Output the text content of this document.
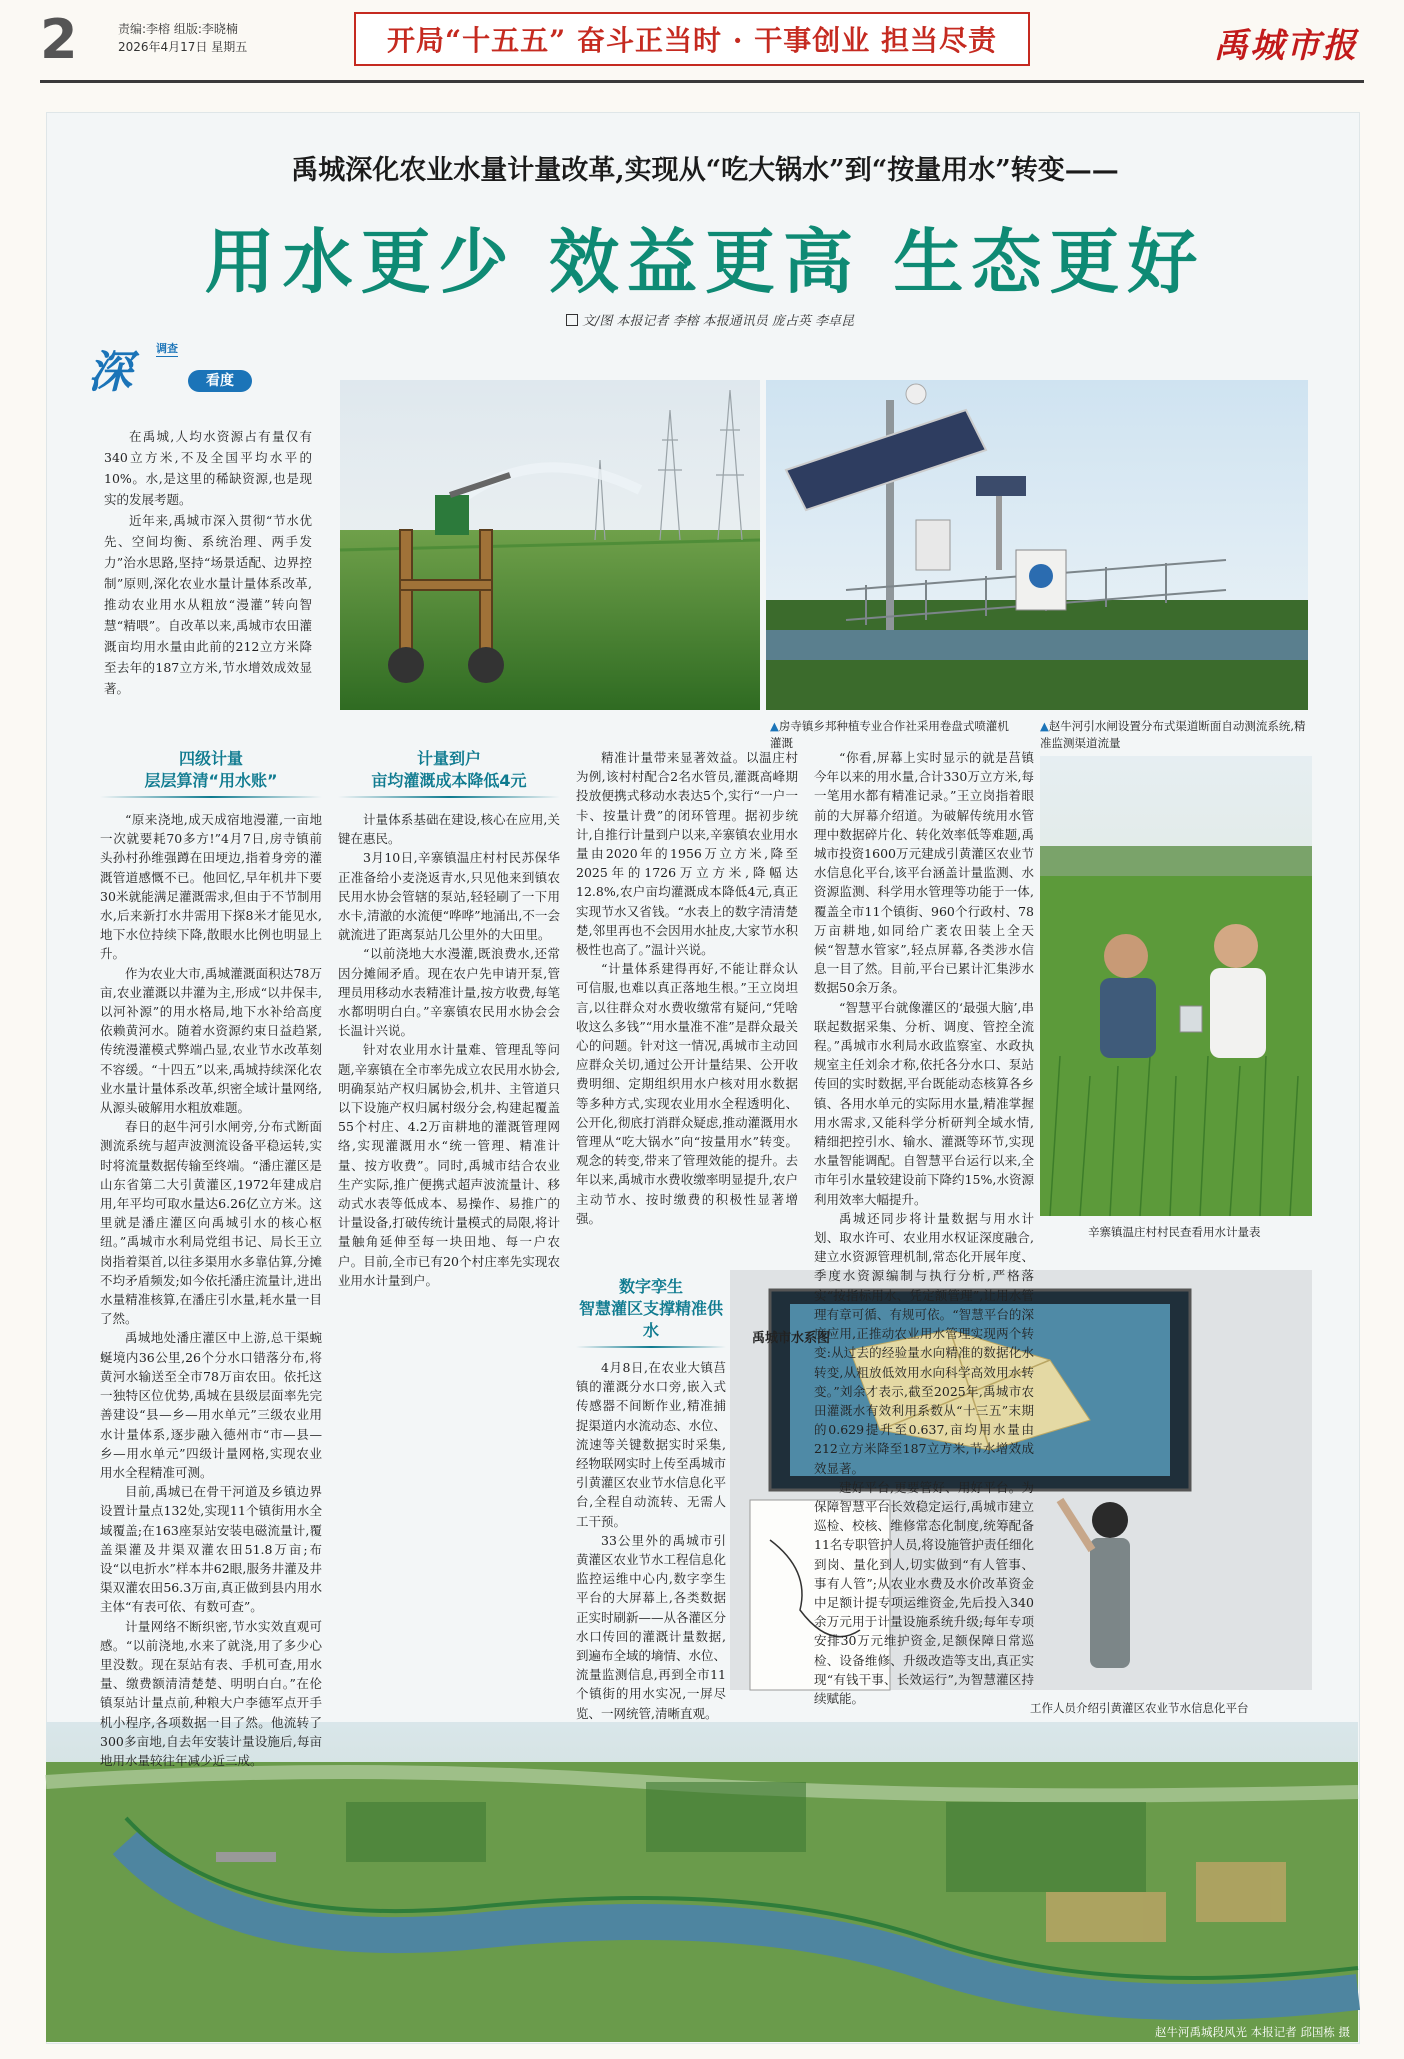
2	责编:李榕 组版:李晓楠
2026年4月17日 星期五	开局“十五五” 奋斗正当时 · 干事创业 担当尽责	禹城市报
禹城深化农业水量计量改革,实现从“吃大锅水”到“按量用水”转变——
用水更少 效益更高 生态更好
文/图 本报记者 李榕 本报通讯员 庞占英 李卓昆
深 调查
看度

在禹城,人均水资源占有量仅有340立方米,不及全国平均水平的10%。水,是这里的稀缺资源,也是现实的发展考题。

近年来,禹城市深入贯彻“节水优先、空间均衡、系统治理、两手发力”治水思路,坚持“场景适配、边界控制”原则,深化农业水量计量体系改革,推动农业用水从粗放“漫灌”转向智慧“精喂”。自改革以来,禹城市农田灌溉亩均用水量由此前的212立方米降至去年的187立方米,节水增效成效显著。

▲房寺镇乡邦种植专业合作社采用卷盘式喷灌机灌溉
▲赵牛河引水闸设置分布式渠道断面自动测流系统,精准监测渠道流量
辛寨镇温庄村村民查看用水计量表
禹城市水系图
工作人员介绍引黄灌区农业节水信息化平台
赵牛河禹城段风光 本报记者 邱国栋 摄
四级计量
层层算清“用水账”

“原来浇地,成天成宿地漫灌,一亩地一次就要耗70多方!”4月7日,房寺镇前头孙村孙维强蹲在田埂边,指着身旁的灌溉管道感慨不已。他回忆,早年机井下要30米就能满足灌溉需求,但由于不节制用水,后来新打水井需用下探8米才能见水,地下水位持续下降,散眼水比例也明显上升。

作为农业大市,禹城灌溉面积达78万亩,农业灌溉以井灌为主,形成“以井保丰,以河补源”的用水格局,地下水补给高度依赖黄河水。随着水资源约束日益趋紧,传统漫灌模式弊端凸显,农业节水改革刻不容缓。“十四五”以来,禹城持续深化农业水量计量体系改革,织密全域计量网络,从源头破解用水粗放难题。

春日的赵牛河引水闸旁,分布式断面测流系统与超声波测流设备平稳运转,实时将流量数据传输至终端。“潘庄灌区是山东省第二大引黄灌区,1972年建成启用,年平均可取水量达6.26亿立方米。这里就是潘庄灌区向禹城引水的核心枢纽。”禹城市水利局党组书记、局长王立岗指着渠首,以往多渠用水多靠估算,分摊不均矛盾频发;如今依托潘庄流量计,进出水量精准核算,在潘庄引水量,耗水量一目了然。

禹城地处潘庄灌区中上游,总干渠蜿蜒境内36公里,26个分水口错落分布,将黄河水输送至全市78万亩农田。依托这一独特区位优势,禹城在县级层面率先完善建设“县—乡—用水单元”三级农业用水计量体系,逐步融入德州市“市—县—乡—用水单元”四级计量网格,实现农业用水全程精准可测。

目前,禹城已在骨干河道及乡镇边界设置计量点132处,实现11个镇街用水全域覆盖;在163座泵站安装电磁流量计,覆盖渠灌及井渠双灌农田51.8万亩;布设“以电折水”样本井62眼,服务井灌及井渠双灌农田56.3万亩,真正做到县内用水主体“有表可依、有数可查”。

计量网络不断织密,节水实效直观可感。“以前浇地,水来了就浇,用了多少心里没数。现在泵站有表、手机可查,用水量、缴费额清清楚楚、明明白白。”在伦镇泵站计量点前,种粮大户李德军点开手机小程序,各项数据一目了然。他流转了300多亩地,自去年安装计量设施后,每亩地用水量较往年减少近三成。

计量到户
亩均灌溉成本降低4元

计量体系基础在建设,核心在应用,关键在惠民。

3月10日,辛寨镇温庄村村民苏保华正准备给小麦浇返青水,只见他来到镇农民用水协会管辖的泵站,轻轻刷了一下用水卡,清澈的水流便“哗哗”地涌出,不一会就流进了距离泵站几公里外的大田里。

“以前浇地大水漫灌,既浪费水,还常因分摊闹矛盾。现在农户先申请开泵,管理员用移动水表精准计量,按方收费,每笔水都明明白白。”辛寨镇农民用水协会会长温计兴说。

针对农业用水计量难、管理乱等问题,辛寨镇在全市率先成立农民用水协会,明确泵站产权归属协会,机井、主管道只以下设施产权归属村级分会,构建起覆盖55个村庄、4.2万亩耕地的灌溉管理网络,实现灌溉用水“统一管理、精准计量、按方收费”。同时,禹城市结合农业生产实际,推广便携式超声波流量计、移动式水表等低成本、易操作、易推广的计量设备,打破传统计量模式的局限,将计量触角延伸至每一块田地、每一户农户。目前,全市已有20个村庄率先实现农业用水计量到户。

精准计量带来显著效益。以温庄村为例,该村村配合2名水管员,灌溉高峰期投放便携式移动水表达5个,实行“一户一卡、按量计费”的闭环管理。据初步统计,自推行计量到户以来,辛寨镇农业用水量由2020年的1956万立方米,降至2025年的1726万立方米,降幅达12.8%,农户亩均灌溉成本降低4元,真正实现节水又省钱。“水表上的数字清清楚楚,邻里再也不会因用水扯皮,大家节水积极性也高了。”温计兴说。

“计量体系建得再好,不能让群众认可信服,也难以真正落地生根。”王立岗坦言,以往群众对水费收缴常有疑问,“凭啥收这么多钱”“用水量准不准”是群众最关心的问题。针对这一情况,禹城市主动回应群众关切,通过公开计量结果、公开收费明细、定期组织用水户核对用水数据等多种方式,实现农业用水全程透明化、公开化,彻底打消群众疑虑,推动灌溉用水管理从“吃大锅水”向“按量用水”转变。观念的转变,带来了管理效能的提升。去年以来,禹城市水费收缴率明显提升,农户主动节水、按时缴费的积极性显著增强。

数字孪生
智慧灌区支撑精准供水

4月8日,在农业大镇莒镇的灌溉分水口旁,嵌入式传感器不间断作业,精准捕捉渠道内水流动态、水位、流速等关键数据实时采集,经物联网实时上传至禹城市引黄灌区农业节水信息化平台,全程自动流转、无需人工干预。

33公里外的禹城市引黄灌区农业节水工程信息化监控运维中心内,数字孪生平台的大屏幕上,各类数据正实时刷新——从各灌区分水口传回的灌溉计量数据,到遍布全域的墒情、水位、流量监测信息,再到全市11个镇街的用水实况,一屏尽览、一网统管,清晰直观。

“你看,屏幕上实时显示的就是莒镇今年以来的用水量,合计330万立方米,每一笔用水都有精准记录。”王立岗指着眼前的大屏幕介绍道。为破解传统用水管理中数据碎片化、转化效率低等难题,禹城市投资1600万元建成引黄灌区农业节水信息化平台,该平台涵盖计量监测、水资源监测、科学用水管理等功能于一体,覆盖全市11个镇街、960个行政村、78万亩耕地,如同给广袤农田装上全天候“智慧水管家”,轻点屏幕,各类涉水信息一目了然。目前,平台已累计汇集涉水数据50余万条。

“智慧平台就像灌区的‘最强大脑’,串联起数据采集、分析、调度、管控全流程。”禹城市水利局水政监察室、水政执规室主任刘余才称,依托各分水口、泵站传回的实时数据,平台既能动态核算各乡镇、各用水单元的实际用水量,精准掌握用水需求,又能科学分析研判全域水情,精细把控引水、输水、灌溉等环节,实现水量智能调配。自智慧平台运行以来,全市年引水量较建设前下降约15%,水资源利用效率大幅提升。

禹城还同步将计量数据与用水计划、取水许可、农业用水权证深度融合,建立水资源管理机制,常态化开展年度、季度水资源编制与执行分析,严格落实“按指标用水、凭定额管理”,让用水管理有章可循、有规可依。“智慧平台的深度应用,正推动农业用水管理实现两个转变:从过去的经验量水向精准的数据化水转变,从粗放低效用水向科学高效用水转变。”刘余才表示,截至2025年,禹城市农田灌溉水有效利用系数从“十三五”末期的0.629提升至0.637,亩均用水量由212立方米降至187立方米,节水增效成效显著。

建好平台,更要管好、用好平台。为保障智慧平台长效稳定运行,禹城市建立巡检、校核、维修常态化制度,统筹配备11名专职管护人员,将设施管护责任细化到岗、量化到人,切实做到“有人管事、事有人管”;从农业水费及水价改革资金中足额计提专项运维资金,先后投入340余万元用于计量设施系统升级;每年专项安排30万元维护资金,足额保障日常巡检、设备维修、升级改造等支出,真正实现“有钱干事、长效运行”,为智慧灌区持续赋能。
